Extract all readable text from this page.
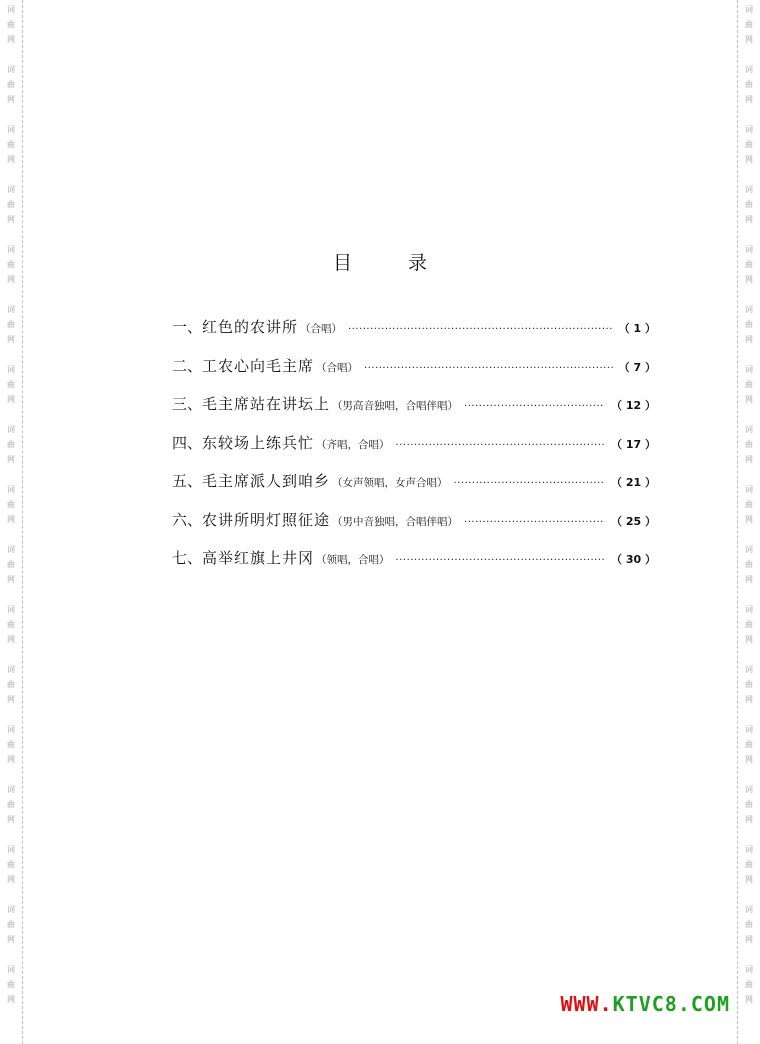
词
曲
网
词
曲
网
词
曲
网
词
曲
网
词
曲
网
词
曲
网
词
曲
网
词
曲
网
词
曲
网
词
曲
网
词
曲
网
词
曲
网
词
曲
网
词
曲
网
词
曲
网
词
曲
网
词
曲
网
词
曲
网
词
曲
网
词
曲
网
词
曲
网
词
曲
网
词
曲
网
词
曲
网
词
曲
网
词
曲
网
词
曲
网
词
曲
网
词
曲
网
词
曲
网
词
曲
网
词
曲
网
词
曲
网
词
曲
网
目录
一、 红色的农讲所 （合唱） ·····	（ 1 ）
二、 工农心向毛主席 （合唱） ·····	（ 7 ）
三、 毛主席站在讲坛上 （男高音独唱，合唱伴唱） ·····	（ 12 ）
四、 东较场上练兵忙 （齐唱，合唱） ·····	（ 17 ）
五、 毛主席派人到咱乡 （女声领唱，女声合唱） ·····	（ 21 ）
六、 农讲所明灯照征途 （男中音独唱，合唱伴唱） ·····	（ 25 ）
七、 高举红旗上井冈 （领唱，合唱） ·····	（ 30 ）
WWW.KTVC8.COM
